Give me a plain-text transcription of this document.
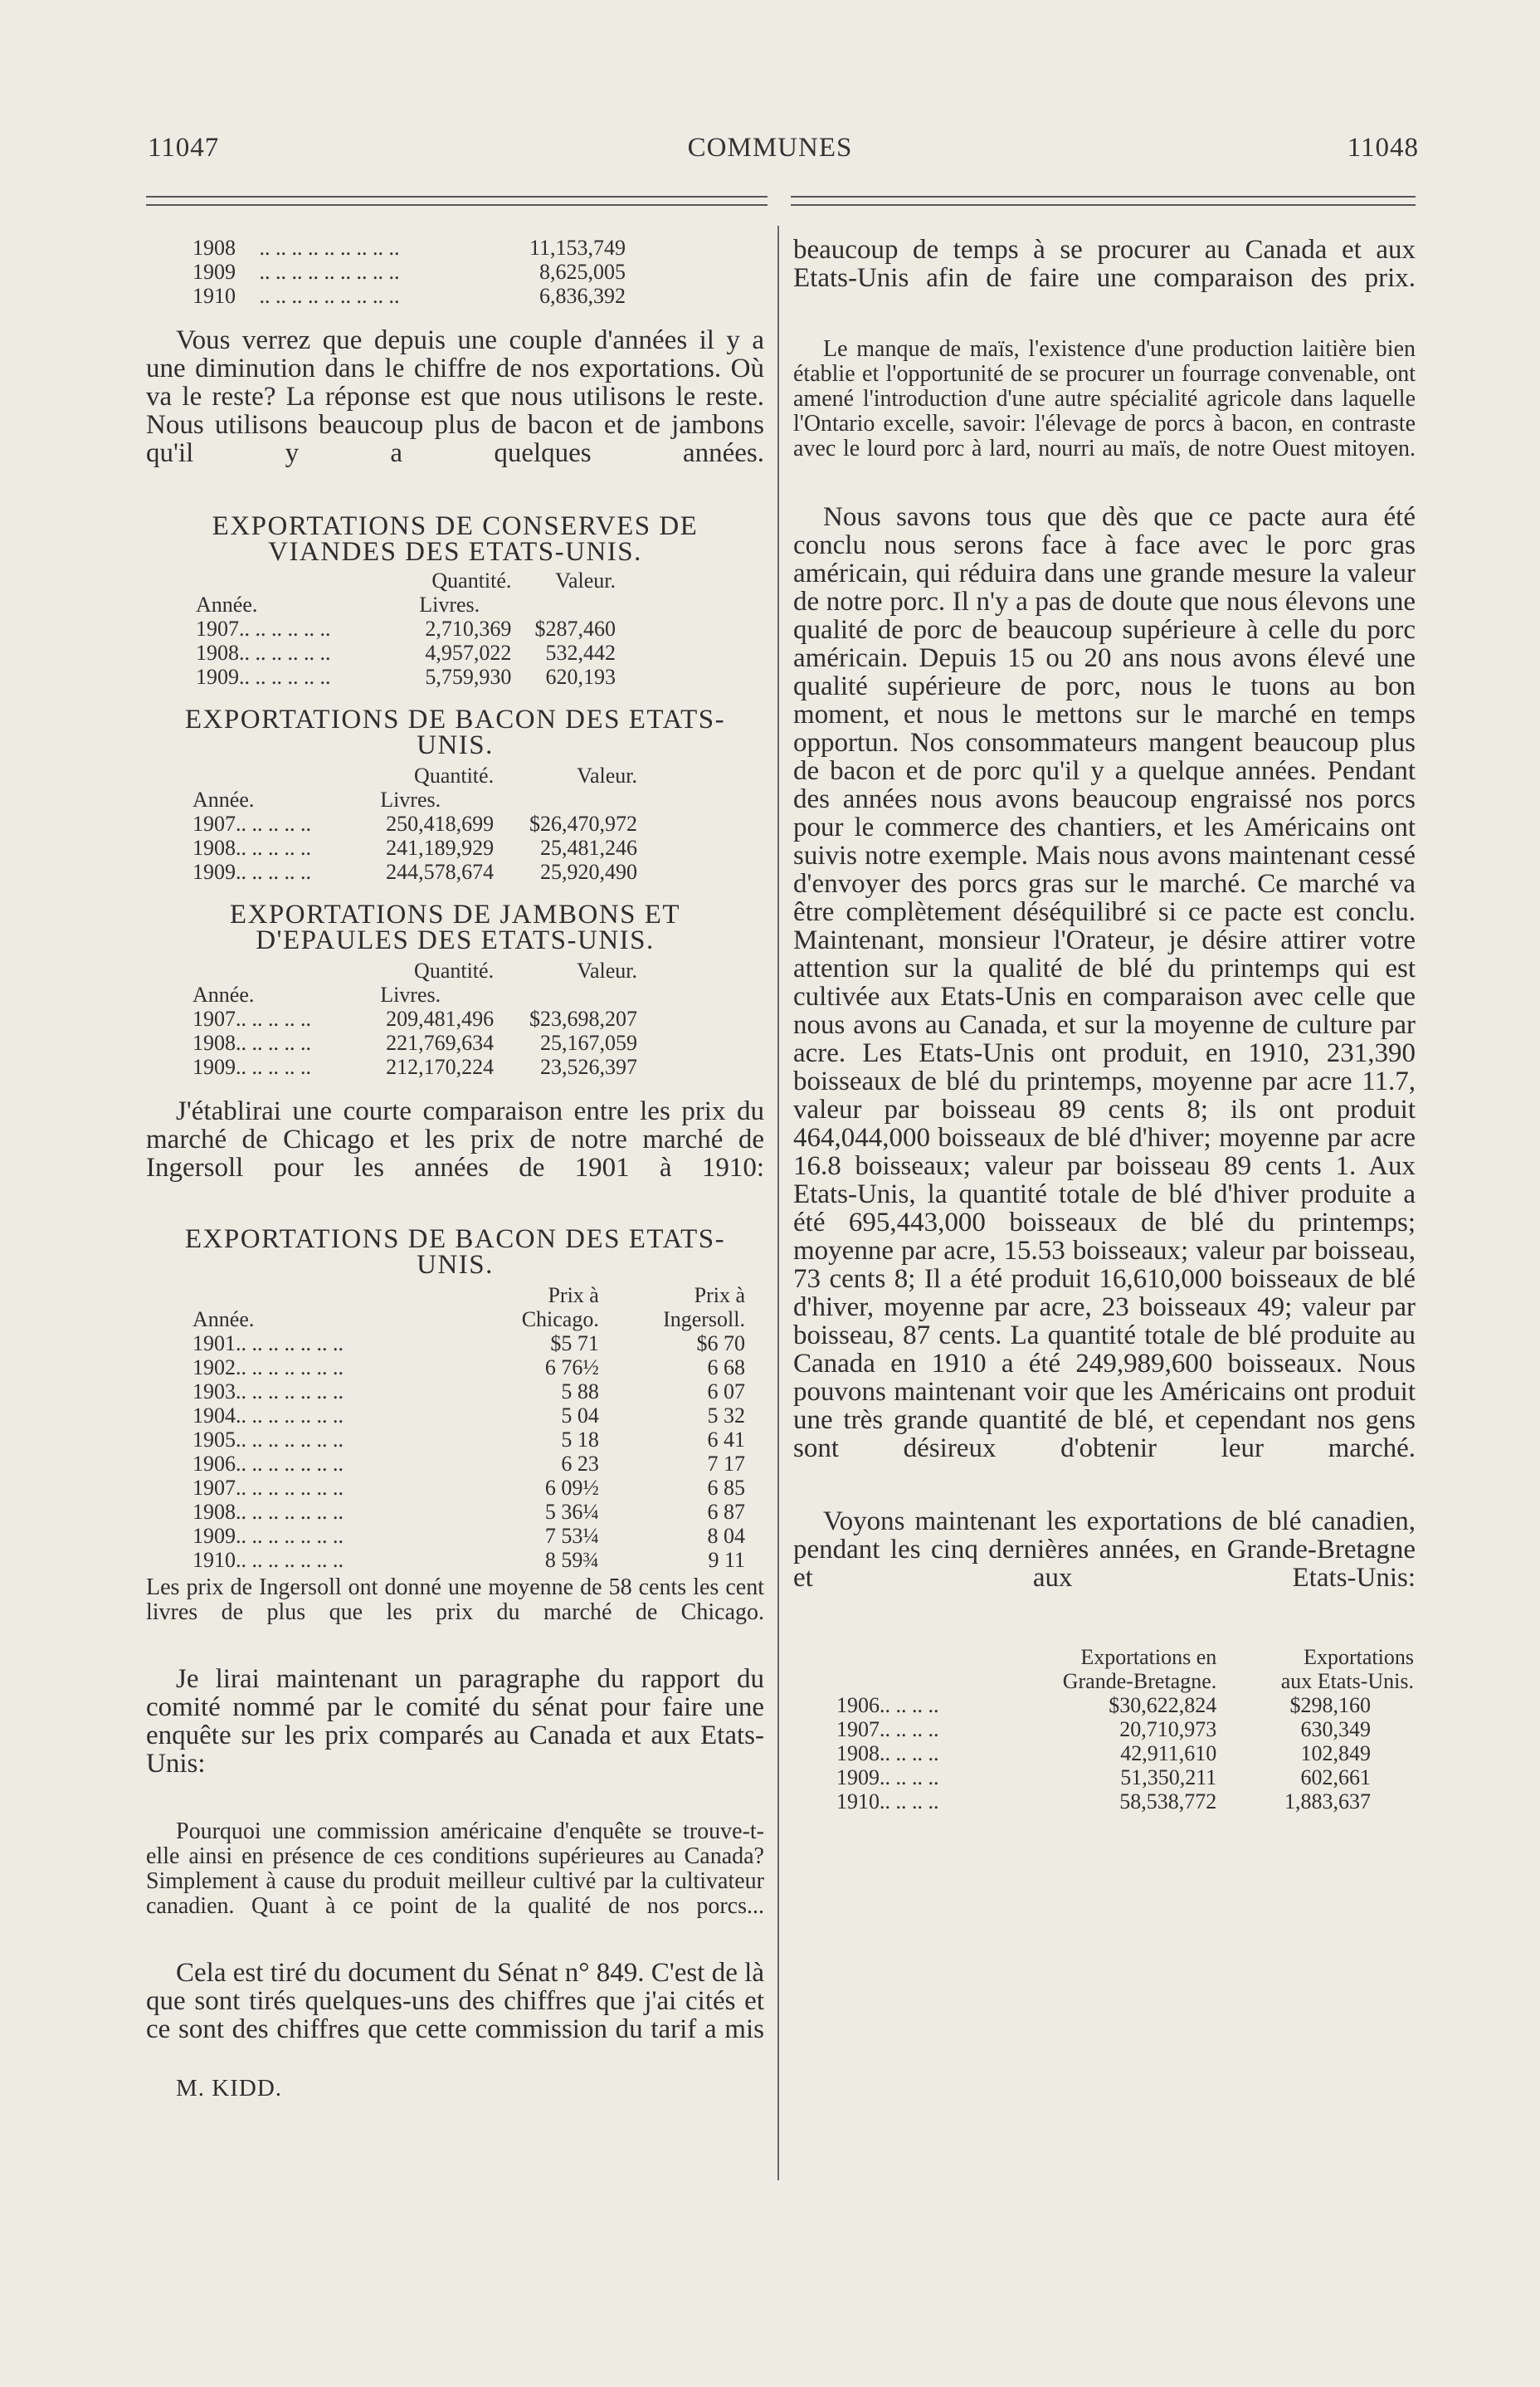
11047	COMMUNES	11048
1908	.. .. .. .. .. .. .. .. ..	11,153,749
1909	.. .. .. .. .. .. .. .. ..	8,625,005
1910	.. .. .. .. .. .. .. .. ..	6,836,392

Vous verrez que depuis une couple d'années il y a une diminution dans le chiffre de nos exportations. Où va le reste? La réponse est que nous utilisons le reste. Nous utilisons beaucoup plus de bacon et de jambons qu'il y a quelques années.

EXPORTATIONS DE CONSERVES DE

VIANDES DES ETATS-UNIS.

	Quantité.	Valeur.
Année.	Livres.	
1907.. .. .. .. .. ..	2,710,369	$287,460
1908.. .. .. .. .. ..	4,957,022	532,442
1909.. .. .. .. .. ..	5,759,930	620,193

EXPORTATIONS DE BACON DES ETATS-

UNIS.

	Quantité.	Valeur.
Année.	Livres.	
1907.. .. .. .. ..	250,418,699	$26,470,972
1908.. .. .. .. ..	241,189,929	25,481,246
1909.. .. .. .. ..	244,578,674	25,920,490

EXPORTATIONS DE JAMBONS ET

D'EPAULES DES ETATS-UNIS.

	Quantité.	Valeur.
Année.	Livres.	
1907.. .. .. .. ..	209,481,496	$23,698,207
1908.. .. .. .. ..	221,769,634	25,167,059
1909.. .. .. .. ..	212,170,224	23,526,397

J'établirai une courte comparaison entre les prix du marché de Chicago et les prix de notre marché de Ingersoll pour les années de 1901 à 1910:

EXPORTATIONS DE BACON DES ETATS-

UNIS.

	Prix à	Prix à
Année.	Chicago.	Ingersoll.
1901.. .. .. .. .. .. ..	$5 71	$6 70
1902.. .. .. .. .. .. ..	6 76½	6 68
1903.. .. .. .. .. .. ..	5 88	6 07
1904.. .. .. .. .. .. ..	5 04	5 32
1905.. .. .. .. .. .. ..	5 18	6 41
1906.. .. .. .. .. .. ..	6 23	7 17
1907.. .. .. .. .. .. ..	6 09½	6 85
1908.. .. .. .. .. .. ..	5 36¼	6 87
1909.. .. .. .. .. .. ..	7 53¼	8 04
1910.. .. .. .. .. .. ..	8 59¾	9 11

Les prix de Ingersoll ont donné une moyenne de 58 cents les cent livres de plus que les prix du marché de Chicago.

Je lirai maintenant un paragraphe du rapport du comité nommé par le comité du sénat pour faire une enquête sur les prix comparés au Canada et aux Etats-Unis:

Pourquoi une commission américaine d'enquête se trouve-t-elle ainsi en présence de ces conditions supérieures au Canada? Simplement à cause du produit meilleur cultivé par la cultivateur canadien. Quant à ce point de la qualité de nos porcs...

Cela est tiré du document du Sénat n° 849. C'est de là que sont tirés quelques-uns des chiffres que j'ai cités et ce sont des chiffres que cette commission du tarif a mis

M. KIDD.

beaucoup de temps à se procurer au Canada et aux Etats-Unis afin de faire une comparaison des prix.

Le manque de maïs, l'existence d'une production laitière bien établie et l'opportunité de se procurer un fourrage convenable, ont amené l'introduction d'une autre spécialité agricole dans laquelle l'Ontario excelle, savoir: l'élevage de porcs à bacon, en contraste avec le lourd porc à lard, nourri au maïs, de notre Ouest mitoyen.

Nous savons tous que dès que ce pacte aura été conclu nous serons face à face avec le porc gras américain, qui réduira dans une grande mesure la valeur de notre porc. Il n'y a pas de doute que nous élevons une qualité de porc de beaucoup supérieure à celle du porc américain. Depuis 15 ou 20 ans nous avons élevé une qualité supérieure de porc, nous le tuons au bon moment, et nous le mettons sur le marché en temps opportun. Nos consommateurs mangent beaucoup plus de bacon et de porc qu'il y a quelque années. Pendant des années nous avons beaucoup engraissé nos porcs pour le commerce des chantiers, et les Américains ont suivis notre exemple. Mais nous avons maintenant cessé d'envoyer des porcs gras sur le marché. Ce marché va être complètement déséquilibré si ce pacte est conclu. Maintenant, monsieur l'Orateur, je désire attirer votre attention sur la qualité de blé du printemps qui est cultivée aux Etats-Unis en comparaison avec celle que nous avons au Canada, et sur la moyenne de culture par acre. Les Etats-Unis ont produit, en 1910, 231,390 boisseaux de blé du printemps, moyenne par acre 11.7, valeur par boisseau 89 cents 8; ils ont produit 464,044,000 boisseaux de blé d'hiver; moyenne par acre 16.8 boisseaux; valeur par boisseau 89 cents 1. Aux Etats-Unis, la quantité totale de blé d'hiver produite a été 695,443,000 boisseaux de blé du printemps; moyenne par acre, 15.53 boisseaux; valeur par boisseau, 73 cents 8; Il a été produit 16,610,000 boisseaux de blé d'hiver, moyenne par acre, 23 boisseaux 49; valeur par boisseau, 87 cents. La quantité totale de blé produite au Canada en 1910 a été 249,989,600 boisseaux. Nous pouvons maintenant voir que les Américains ont produit une très grande quantité de blé, et cependant nos gens sont désireux d'obtenir leur marché.

Voyons maintenant les exportations de blé canadien, pendant les cinq dernières années, en Grande-Bretagne et aux Etats-Unis:

	Exportations en	Exportations
	Grande-Bretagne.	aux Etats-Unis.
1906.. .. .. ..	$30,622,824	$298,160
1907.. .. .. ..	20,710,973	630,349
1908.. .. .. ..	42,911,610	102,849
1909.. .. .. ..	51,350,211	602,661
1910.. .. .. ..	58,538,772	1,883,637
